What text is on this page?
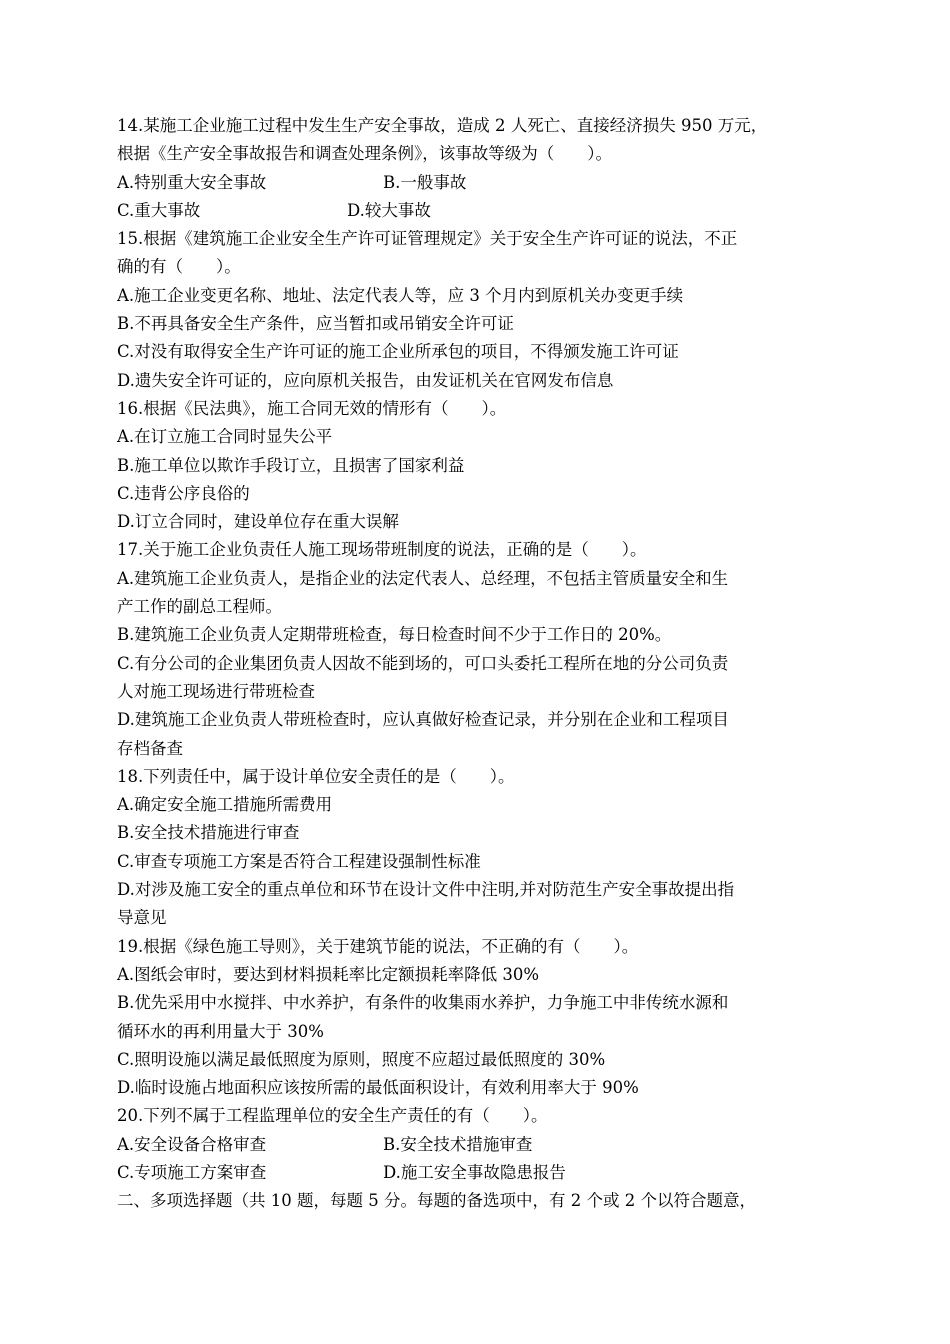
14.某施工企业施工过程中发生生产安全事故，造成 2 人死亡、直接经济损失 950 万元，
根据《生产安全事故报告和调查处理条例》，该事故等级为（　　）。
A.特别重大安全事故	B.一般事故
C.重大事故	D.较大事故
15.根据《建筑施工企业安全生产许可证管理规定》关于安全生产许可证的说法，不正
确的有（　　）。
A.施工企业变更名称、地址、法定代表人等，应 3 个月内到原机关办变更手续
B.不再具备安全生产条件，应当暂扣或吊销安全许可证
C.对没有取得安全生产许可证的施工企业所承包的项目，不得颁发施工许可证
D.遗失安全许可证的，应向原机关报告，由发证机关在官网发布信息
16.根据《民法典》，施工合同无效的情形有（　　）。
A.在订立施工合同时显失公平
B.施工单位以欺诈手段订立，且损害了国家利益
C.违背公序良俗的
D.订立合同时，建设单位存在重大误解
17.关于施工企业负责任人施工现场带班制度的说法，正确的是（　　）。
A.建筑施工企业负责人，是指企业的法定代表人、总经理，不包括主管质量安全和生
产工作的副总工程师。
B.建筑施工企业负责人定期带班检查，每日检查时间不少于工作日的 20%。
C.有分公司的企业集团负责人因故不能到场的，可口头委托工程所在地的分公司负责
人对施工现场进行带班检查
D.建筑施工企业负责人带班检查时，应认真做好检查记录，并分别在企业和工程项目
存档备查
18.下列责任中，属于设计单位安全责任的是（　　）。
A.确定安全施工措施所需费用
B.安全技术措施进行审查
C.审查专项施工方案是否符合工程建设强制性标准
D.对涉及施工安全的重点单位和环节在设计文件中注明,并对防范生产安全事故提出指
导意见
19.根据《绿色施工导则》，关于建筑节能的说法，不正确的有（　　）。
A.图纸会审时，要达到材料损耗率比定额损耗率降低 30%
B.优先采用中水搅拌、中水养护，有条件的收集雨水养护，力争施工中非传统水源和
循环水的再利用量大于 30%
C.照明设施以满足最低照度为原则，照度不应超过最低照度的 30%
D.临时设施占地面积应该按所需的最低面积设计，有效利用率大于 90%
20.下列不属于工程监理单位的安全生产责任的有（　　）。
A.安全设备合格审查	B.安全技术措施审查
C.专项施工方案审查	D.施工安全事故隐患报告
二、多项选择题（共 10 题，每题 5 分。每题的备选项中，有 2 个或 2 个以符合题意，
